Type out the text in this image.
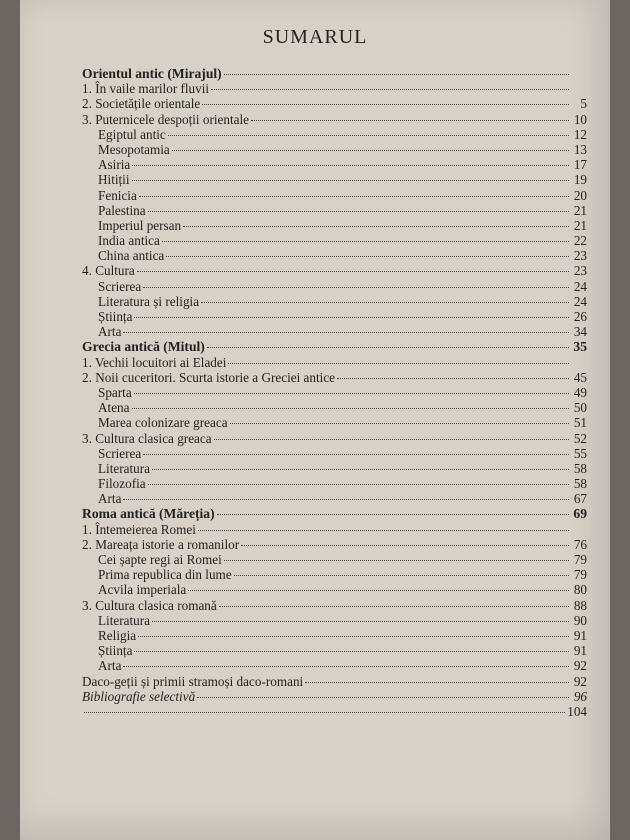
SUMARUL
Orientul antic (Mirajul)
1. În vaile marilor fluvii
2. Societățile orientale	5
3. Puternicele despoții orientale	10
Egiptul antic	12
Mesopotamia	13
Asiria	17
Hitiții	19
Fenicia	20
Palestina	21
Imperiul persan	21
India antica	22
China antica	23
4. Cultura	23
Scrierea	24
Literatura și religia	24
Știința	26
Arta	34
Grecia antică (Mitul)	35
1. Vechii locuitori ai Eladei
2. Noii cuceritori. Scurta istorie a Greciei antice	45
Sparta	49
Atena	50
Marea colonizare greaca	51
3. Cultura clasica greaca	52
Scrierea	55
Literatura	58
Filozofia	58
Arta	67
Roma antică (Măreția)	69
1. Întemeierea Romei
2. Mareața istorie a romanilor	76
Cei șapte regi ai Romei	79
Prima republica din lume	79
Acvila imperiala	80
3. Cultura clasica romană	88
Literatura	90
Religia	91
Știința	91
Arta	92
Daco-geții și primii stramoși daco-romani	92
Bibliografie selectivă	96
104
